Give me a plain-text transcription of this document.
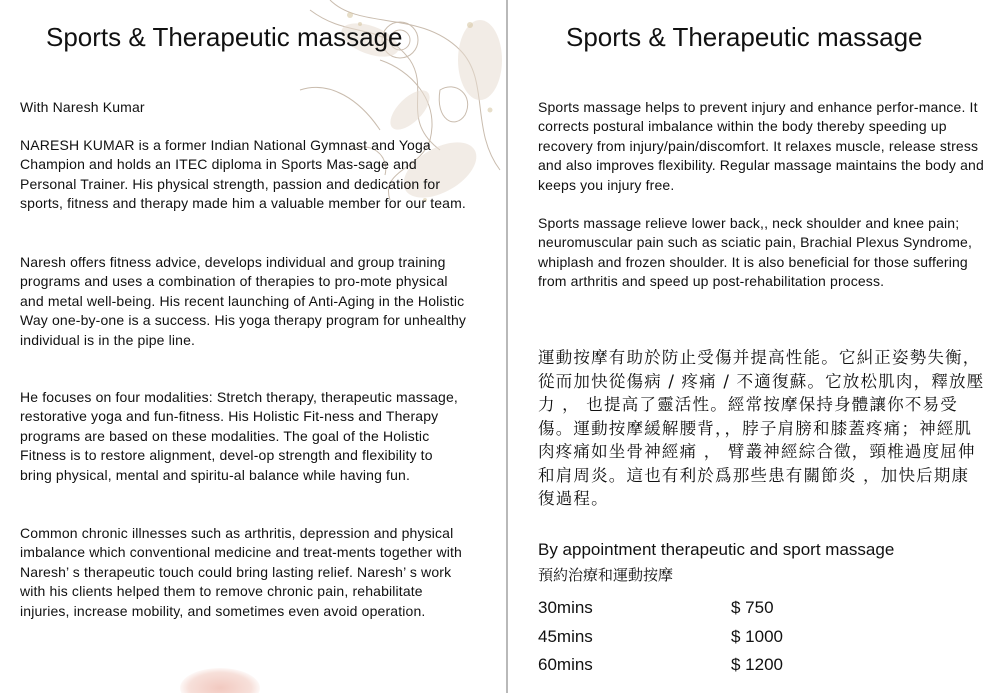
Sports & Therapeutic massage

With Naresh Kumar

NARESH KUMAR is a former Indian National Gymnast and Yoga Champion and holds an ITEC diploma in Sports Mas-sage and Personal Trainer. His physical strength, passion and dedication for sports, fitness and therapy made him a valuable member for our team.

Naresh offers fitness advice, develops individual and group training programs and uses a combination of therapies to pro-mote physical and metal well-being. His recent launching of Anti-Aging in the Holistic Way one-by-one is a success. His yoga therapy program for unhealthy individual is in the pipe line.

He focuses on four modalities: Stretch therapy, therapeutic massage, restorative yoga and fun-fitness. His Holistic Fit-ness and Therapy programs are based on these modalities. The goal of the Holistic Fitness is to restore alignment, devel-op strength and flexibility to bring physical, mental and spiritu-al balance while having fun.

Common chronic illnesses such as arthritis, depression and physical imbalance which conventional medicine and treat-ments together with Naresh’ s therapeutic touch could bring lasting relief. Naresh’ s work with his clients helped them to remove chronic pain, rehabilitate injuries, increase mobility, and sometimes even avoid operation.

Sports & Therapeutic massage

Sports massage helps to prevent injury and enhance perfor-mance. It corrects postural imbalance within the body thereby speeding up recovery from injury/pain/discomfort. It relaxes muscle, release stress and also improves flexibility. Regular massage maintains the body and keeps you injury free.

Sports massage relieve lower back,, neck shoulder and knee pain; neuromuscular pain such as sciatic pain, Brachial Plexus Syndrome, whiplash and frozen shoulder. It is also beneficial for those suffering from arthritis and speed up post-rehabilitation process.

運動按摩有助於防止受傷并提高性能。它糾正姿勢失衡，從而加快從傷病 / 疼痛 / 不適復蘇。它放松肌肉，釋放壓力 ， 也提高了靈活性。經常按摩保持身體讓你不易受傷。運動按摩緩解腰背，，脖子肩膀和膝蓋疼痛；神經肌肉疼痛如坐骨神經痛 ， 臂叢神經綜合徵，頸椎過度屈伸和肩周炎。這也有利於爲那些患有關節炎 ，加快后期康復過程。

By appointment therapeutic and sport massage

預約治療和運動按摩

30mins	$ 750
45mins	$ 1000
60mins	$ 1200
